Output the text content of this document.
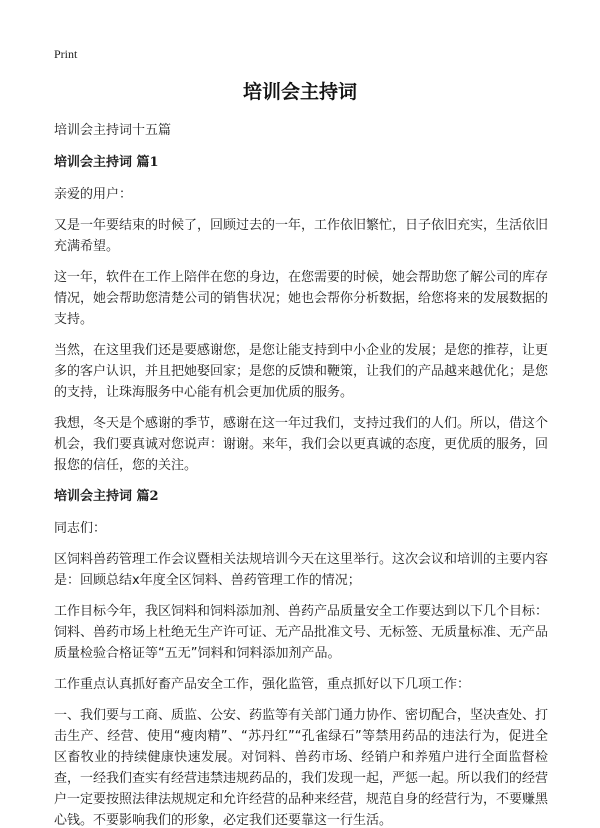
Print
培训会主持词

培训会主持词十五篇

培训会主持词 篇1

亲爱的用户：

又是一年要结束的时候了，回顾过去的一年，工作依旧繁忙，日子依旧充实，生活依旧充满希望。

这一年，软件在工作上陪伴在您的身边，在您需要的时候，她会帮助您了解公司的库存情况，她会帮助您清楚公司的销售状况；她也会帮你分析数据，给您将来的发展数据的支持。

当然，在这里我们还是要感谢您，是您让能支持到中小企业的发展；是您的推荐，让更多的客户认识，并且把她娶回家；是您的反馈和鞭策，让我们的产品越来越优化；是您的支持，让珠海服务中心能有机会更加优质的服务。

我想，冬天是个感谢的季节，感谢在这一年过我们，支持过我们的人们。所以，借这个机会，我们要真诚对您说声：谢谢。来年，我们会以更真诚的态度，更优质的服务，回报您的信任，您的关注。

培训会主持词 篇2

同志们：

区饲料兽药管理工作会议暨相关法规培训今天在这里举行。这次会议和培训的主要内容是：回顾总结x年度全区饲料、兽药管理工作的情况；

工作目标今年，我区饲料和饲料添加剂、兽药产品质量安全工作要达到以下几个目标：饲料、兽药市场上杜绝无生产许可证、无产品批准文号、无标签、无质量标准、无产品质量检验合格证等“五无”饲料和饲料添加剂产品。

工作重点认真抓好畜产品安全工作，强化监管，重点抓好以下几项工作：

一、我们要与工商、质监、公安、药监等有关部门通力协作、密切配合，坚决查处、打击生产、经营、使用“瘦肉精”、“苏丹红”“孔雀绿石”等禁用药品的违法行为，促进全区畜牧业的持续健康快速发展。对饲料、兽药市场、经销户和养殖户进行全面监督检查，一经我们查实有经营违禁违规药品的，我们发现一起，严惩一起。所以我们的经营户一定要按照法律法规规定和允许经营的品种来经营，规范自身的经营行为，不要赚黑心钱。不要影响我们的形象，必定我们还要靠这一行生活。
